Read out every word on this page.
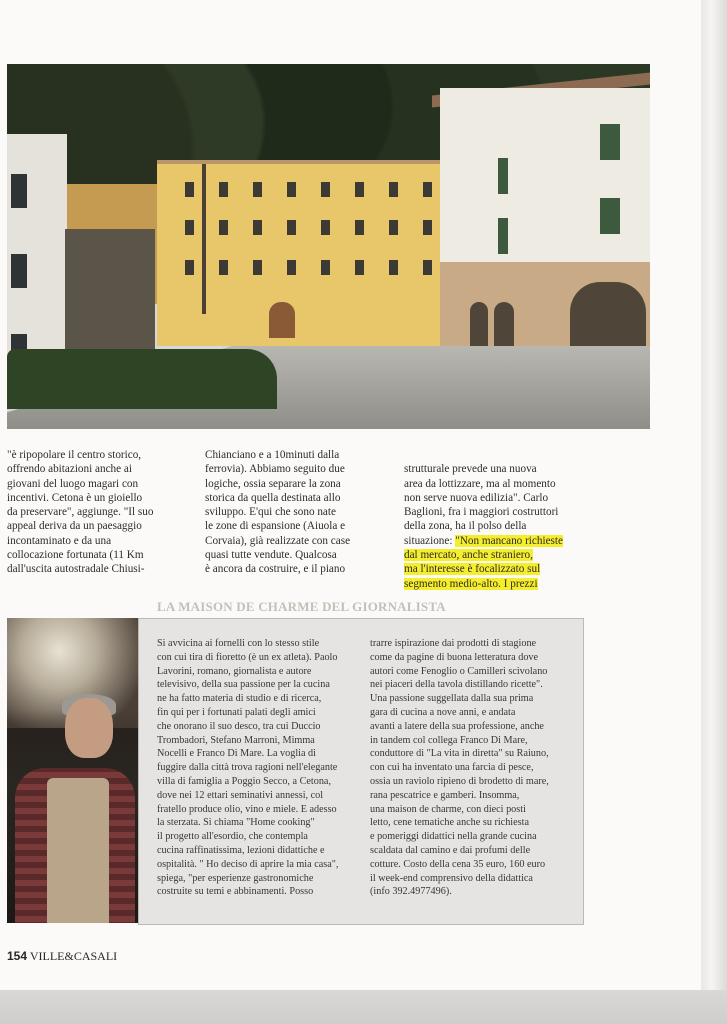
"è ripopolare il centro storico,
offrendo abitazioni anche ai
giovani del luogo magari con
incentivi. Cetona è un gioiello
da preservare", aggiunge. "Il suo
appeal deriva da un paesaggio
incontaminato e da una
collocazione fortunata (11 Km
dall'uscita autostradale Chiusi-
Chianciano e a 10minuti dalla
ferrovia). Abbiamo seguito due
logiche, ossia separare la zona
storica da quella destinata allo
sviluppo. E'qui che sono nate
le zone di espansione (Aiuola e
Corvaia), già realizzate con case
quasi tutte vendute. Qualcosa
è ancora da costruire, e il piano

strutturale prevede una nuova
area da lottizzare, ma al momento
non serve nuova edilizia". Carlo
Baglioni, fra i maggiori costruttori
della zona, ha il polso della
situazione: "Non mancano richieste
dal mercato, anche straniero,
ma l'interesse è focalizzato sul
segmento medio-alto. I prezzi

LA MAISON DE CHARME DEL GIORNALISTA
Si avvicina ai fornelli con lo stesso stile
con cui tira di fioretto (è un ex atleta). Paolo
Lavorini, romano, giornalista e autore
televisivo, della sua passione per la cucina
ne ha fatto materia di studio e di ricerca,
fin qui per i fortunati palati degli amici
che onorano il suo desco, tra cui Duccio
Trombadori, Stefano Marroni, Mimma
Nocelli e Franco Di Mare. La voglia di
fuggire dalla città trova ragioni nell'elegante
villa di famiglia a Poggio Secco, a Cetona,
dove nei 12 ettari seminativi annessi, col
fratello produce olio, vino e miele. E adesso
la sterzata. Si chiama "Home cooking"
il progetto all'esordio, che contempla
cucina raffinatissima, lezioni didattiche e
ospitalità. " Ho deciso di aprire la mia casa",
spiega, "per esperienze gastronomiche
costruite su temi e abbinamenti. Posso
trarre ispirazione dai prodotti di stagione
come da pagine di buona letteratura dove
autori come Fenoglio o Camilleri scivolano
nei piaceri della tavola distillando ricette".
Una passione suggellata dalla sua prima
gara di cucina a nove anni, e andata
avanti a latere della sua professione, anche
in tandem col collega Franco Di Mare,
conduttore di "La vita in diretta" su Raiuno,
con cui ha inventato una farcia di pesce,
ossia un raviolo ripieno di brodetto di mare,
rana pescatrice e gamberi. Insomma,
una maison de charme, con dieci posti
letto, cene tematiche anche su richiesta
e pomeriggi didattici nella grande cucina
scaldata dal camino e dai profumi delle
cotture. Costo della cena 35 euro, 160 euro
il week-end comprensivo della didattica
(info 392.4977496).
154 VILLE&CASALI
